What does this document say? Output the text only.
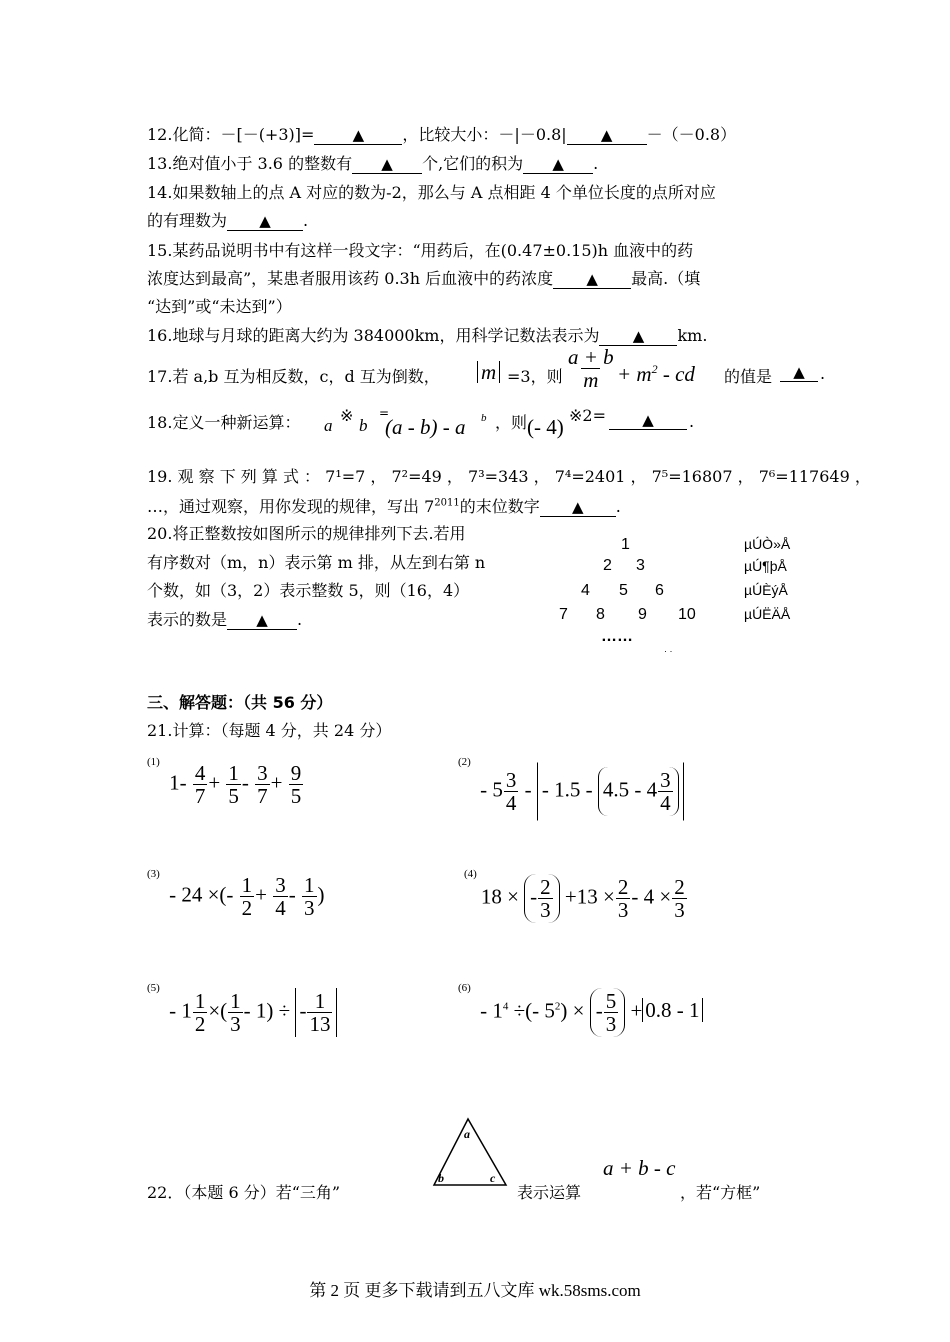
12.化简：－[－(+3)]=	▲ ，比较大小：－|－0.8| ▲ －（－0.8）
13.绝对值小于 3.6 的整数有 ▲ 个,它们的积为 ▲ .
14.如果数轴上的点 A 对应的数为-2，那么与 A 点相距 4 个单位长度的点所对应
的有理数为 ▲ .
15.某药品说明书中有这样一段文字：“用药后，在(0.47±0.15)h 血液中的药
浓度达到最高”，某患者服用该药 0.3h 后血液中的药浓度 ▲ 最高.（填
“达到”或“未达到”）
16.地球与月球的距离大约为 384000km，用科学记数法表示为 ▲ km.
17.若 a,b 互为相反数，c，d 互为倒数， m =3，则 $\frac{a + b}{m} + m^2$ - cd 的值是	▲ .
18.定义一种新运算： a
※
b
=
(a - b) - a b ，则 (- 4) ※2=	▲	.
19. 观 察 下 列 算 式 ： 7¹=7 ， 7²=49 ， 7³=343 ， 7⁴=2401 ， 7⁵=16807 ， 7⁶=117649 ，
…，通过观察，用你发现的规律，写出 $7^{2011}$的末位数字 ▲ .
20.将正整数按如图所示的规律排列下去.若用
有序数对（m，n）表示第 m 排，从左到右第 n
个数，如（3，2）表示整数 5，则（16，4）
表示的数是 ▲ .
1
2 3
4 5 6
7 8 9 10
……
µÚÒ»Å
µÚ¶þÅ
µÚÈýÅ
µÚËÄÅ
· ·
三、解答题：（共 56 分）
21.计算：（每题 4 分，共 24 分）
$^{(1)}$ $1- \frac{4}{7} + \frac{1}{5} - \frac{3}{7} + \frac{9}{5}$	$^{(2)} - 5 \frac{3}{4}$ - - $1.5 - 4.5 - 4 \frac{3}{4}$
$^{(3)}$ - 24 ×(- $\frac{1}{2} + \frac{3}{4} - \frac{1}{3}$ )
$^{(4)}$18 × - $\frac{2}{3} +13 \times \frac{2}{3} - 4 \times \frac{2}{3}$
$^{(5)} - 1 \frac{1}{2}$ ×( $\frac{1}{3} - 1$) ÷ - $\frac{1}{13}$
$^{(6)} - 1^4$ ÷(- $5^2$) × - $\frac{5}{3} + 0.8 - 1$
22．（本题 6 分）若“三角”
a
b	c
表示运算
a + b - c
，若“方框”
第 2 页 更多下载请到五八文库 wk.58sms.com
